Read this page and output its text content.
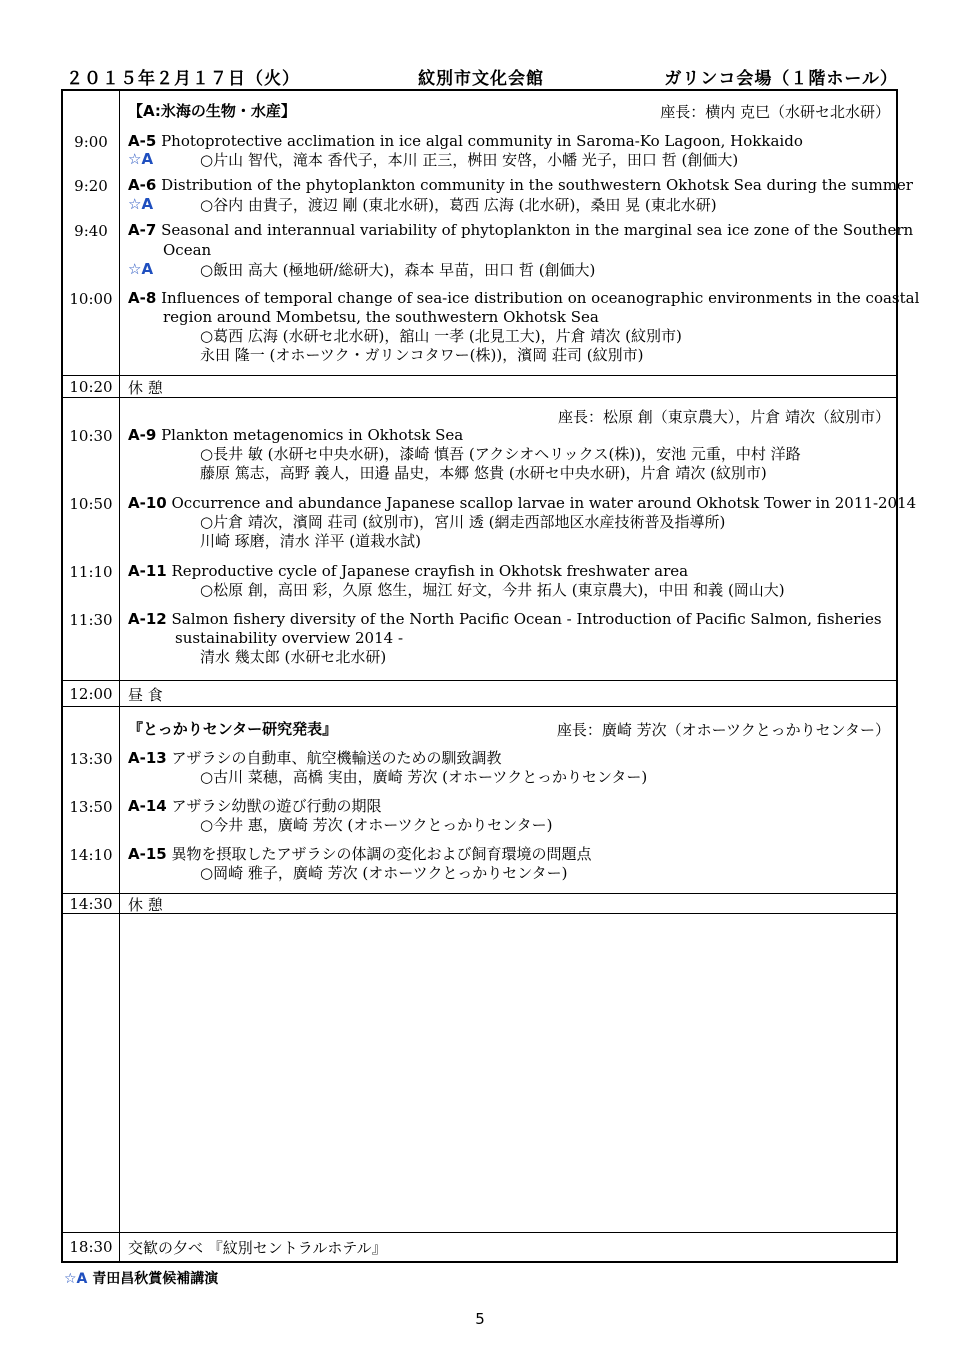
２０１５年２月１７日（火）	紋別市文化会館	ガリンコ会場（１階ホール）
【A:氷海の生物・水産】	座長：横内 克巳（水研セ北水研）
9:00	A-5 Photoprotective acclimation in ice algal community in Saroma-Ko Lagoon, Hokkaido
☆A	○片山 智代，滝本 香代子，本川 正三，桝田 安啓，小幡 光子，田口 哲 (創価大)
9:20	A-6 Distribution of the phytoplankton community in the southwestern Okhotsk Sea during the summer
☆A	○谷内 由貴子，渡辺 剛 (東北水研)，葛西 広海 (北水研)，桑田 晃 (東北水研)
9:40	A-7 Seasonal and interannual variability of phytoplankton in the marginal sea ice zone of the Southern
Ocean
☆A	○飯田 高大 (極地研/総研大)，森本 早苗，田口 哲 (創価大)
10:00	A-8 Influences of temporal change of sea-ice distribution on oceanographic environments in the coastal
region around Mombetsu, the southwestern Okhotsk Sea
○葛西 広海 (水研セ北水研)，舘山 一孝 (北見工大)，片倉 靖次 (紋別市)
永田 隆一 (オホーツク・ガリンコタワー(株))，濱岡 荘司 (紋別市)
10:20	休 憩
座長：松原 創（東京農大），片倉 靖次（紋別市）
10:30	A-9 Plankton metagenomics in Okhotsk Sea
○長井 敏 (水研セ中央水研)，漆崎 慎吾 (アクシオヘリックス(株))，安池 元重，中村 洋路
藤原 篤志，高野 義人，田邉 晶史，本郷 悠貴 (水研セ中央水研)，片倉 靖次 (紋別市)
10:50	A-10 Occurrence and abundance Japanese scallop larvae in water around Okhotsk Tower in 2011-2014
○片倉 靖次，濱岡 荘司 (紋別市)，宮川 透 (網走西部地区水産技術普及指導所)
川崎 琢磨，清水 洋平 (道栽水試)
11:10	A-11 Reproductive cycle of Japanese crayfish in Okhotsk freshwater area
○松原 創，高田 彩，久原 悠生，堀江 好文，今井 拓人 (東京農大)，中田 和義 (岡山大)
11:30	A-12 Salmon fishery diversity of the North Pacific Ocean - Introduction of Pacific Salmon, fisheries
sustainability overview 2014 -
清水 幾太郎 (水研セ北水研)
12:00	昼 食
『とっかりセンター研究発表』	座長：廣崎 芳次（オホーツクとっかりセンター）
13:30	A-13 アザラシの自動車、航空機輸送のための馴致調教
○古川 菜穂，高橋 実由，廣崎 芳次 (オホーツクとっかりセンター)
13:50	A-14 アザラシ幼獣の遊び行動の期限
○今井 惠，廣崎 芳次 (オホーツクとっかりセンター)
14:10	A-15 異物を摂取したアザラシの体調の変化および飼育環境の問題点
○岡崎 雅子，廣崎 芳次 (オホーツクとっかりセンター)
14:30	休 憩
18:30	交歓の夕べ 『紋別セントラルホテル』
☆A 青田昌秋賞候補講演
5
